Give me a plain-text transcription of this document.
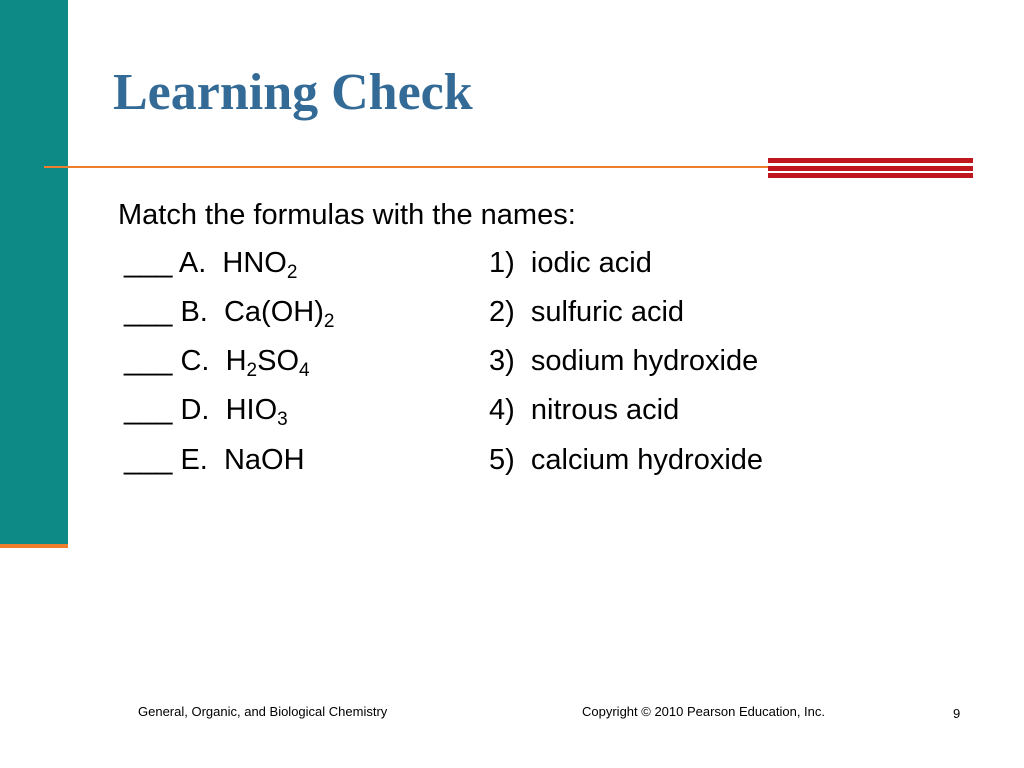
Learning Check
Match the formulas with the names:
___ A. $HNO_2$	1) iodic acid
___ B. $Ca(OH)_2$	2) sulfuric acid
___ C. $H_2SO_4$	3) sodium hydroxide
___ D. $HIO_3$	4) nitrous acid
___ E. NaOH	5) calcium hydroxide
General, Organic, and Biological Chemistry	Copyright © 2010 Pearson Education, Inc.	9
